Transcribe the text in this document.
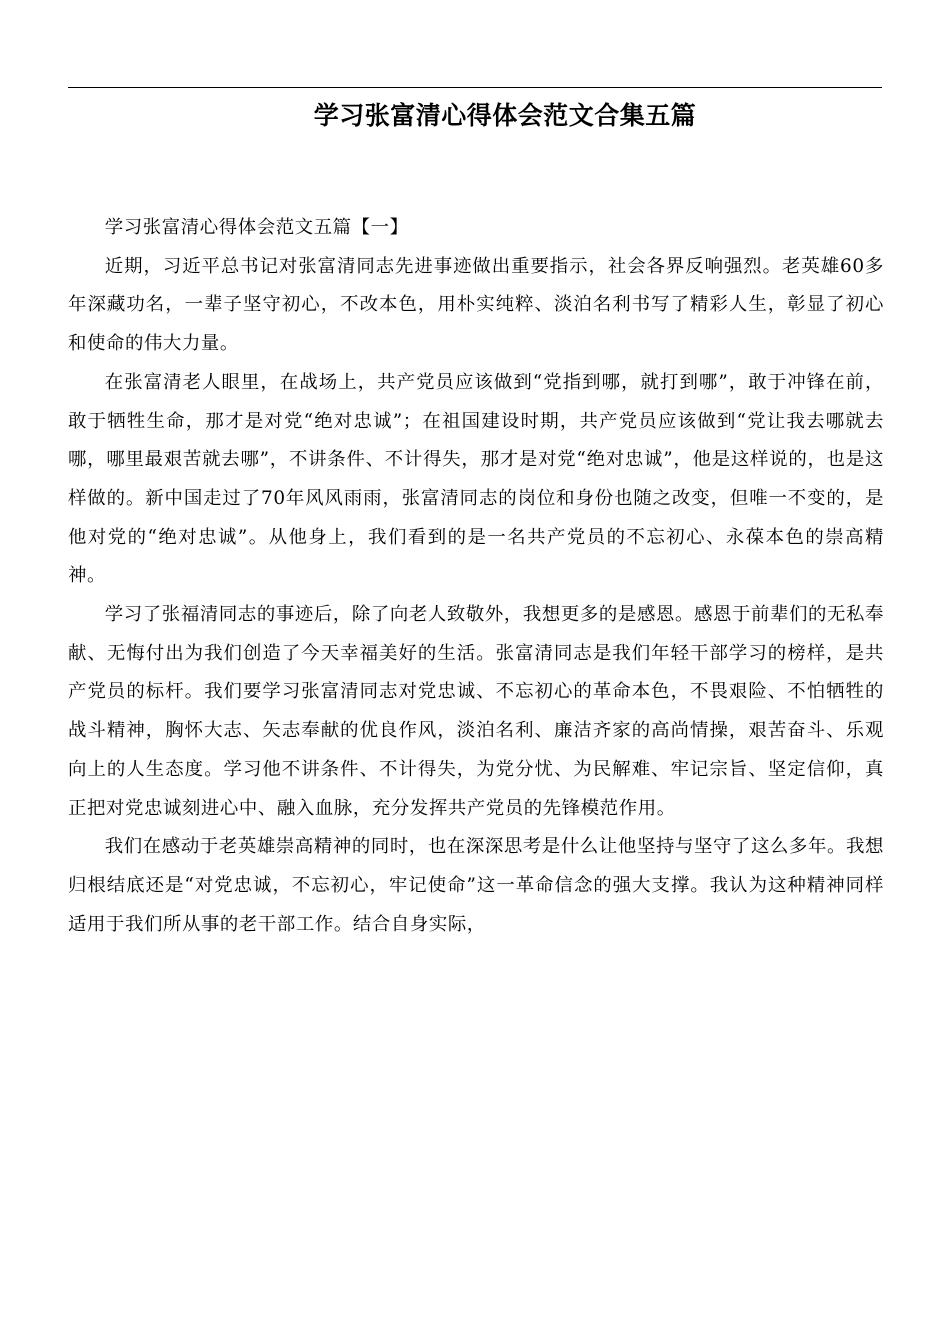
学习张富清心得体会范文合集五篇

学习张富清心得体会范文五篇【一】

近期，习近平总书记对张富清同志先进事迹做出重要指示，社会各界反响强烈。老英雄60多年深藏功名，一辈子坚守初心，不改本色，用朴实纯粹、淡泊名利书写了精彩人生，彰显了初心和使命的伟大力量。

在张富清老人眼里，在战场上，共产党员应该做到“党指到哪，就打到哪”，敢于冲锋在前，敢于牺牲生命，那才是对党“绝对忠诚”；在祖国建设时期，共产党员应该做到“党让我去哪就去哪，哪里最艰苦就去哪”，不讲条件、不计得失，那才是对党“绝对忠诚”，他是这样说的，也是这样做的。新中国走过了70年风风雨雨，张富清同志的岗位和身份也随之改变，但唯一不变的，是他对党的“绝对忠诚”。从他身上，我们看到的是一名共产党员的不忘初心、永葆本色的崇高精神。

学习了张福清同志的事迹后，除了向老人致敬外，我想更多的是感恩。感恩于前辈们的无私奉献、无悔付出为我们创造了今天幸福美好的生活。张富清同志是我们年轻干部学习的榜样，是共产党员的标杆。我们要学习张富清同志对党忠诚、不忘初心的革命本色，不畏艰险、不怕牺牲的战斗精神，胸怀大志、矢志奉献的优良作风，淡泊名利、廉洁齐家的高尚情操，艰苦奋斗、乐观向上的人生态度。学习他不讲条件、不计得失，为党分忧、为民解难、牢记宗旨、坚定信仰，真正把对党忠诚刻进心中、融入血脉，充分发挥共产党员的先锋模范作用。

我们在感动于老英雄崇高精神的同时，也在深深思考是什么让他坚持与坚守了这么多年。我想归根结底还是“对党忠诚，不忘初心，牢记使命”这一革命信念的强大支撑。我认为这种精神同样适用于我们所从事的老干部工作。结合自身实际，
